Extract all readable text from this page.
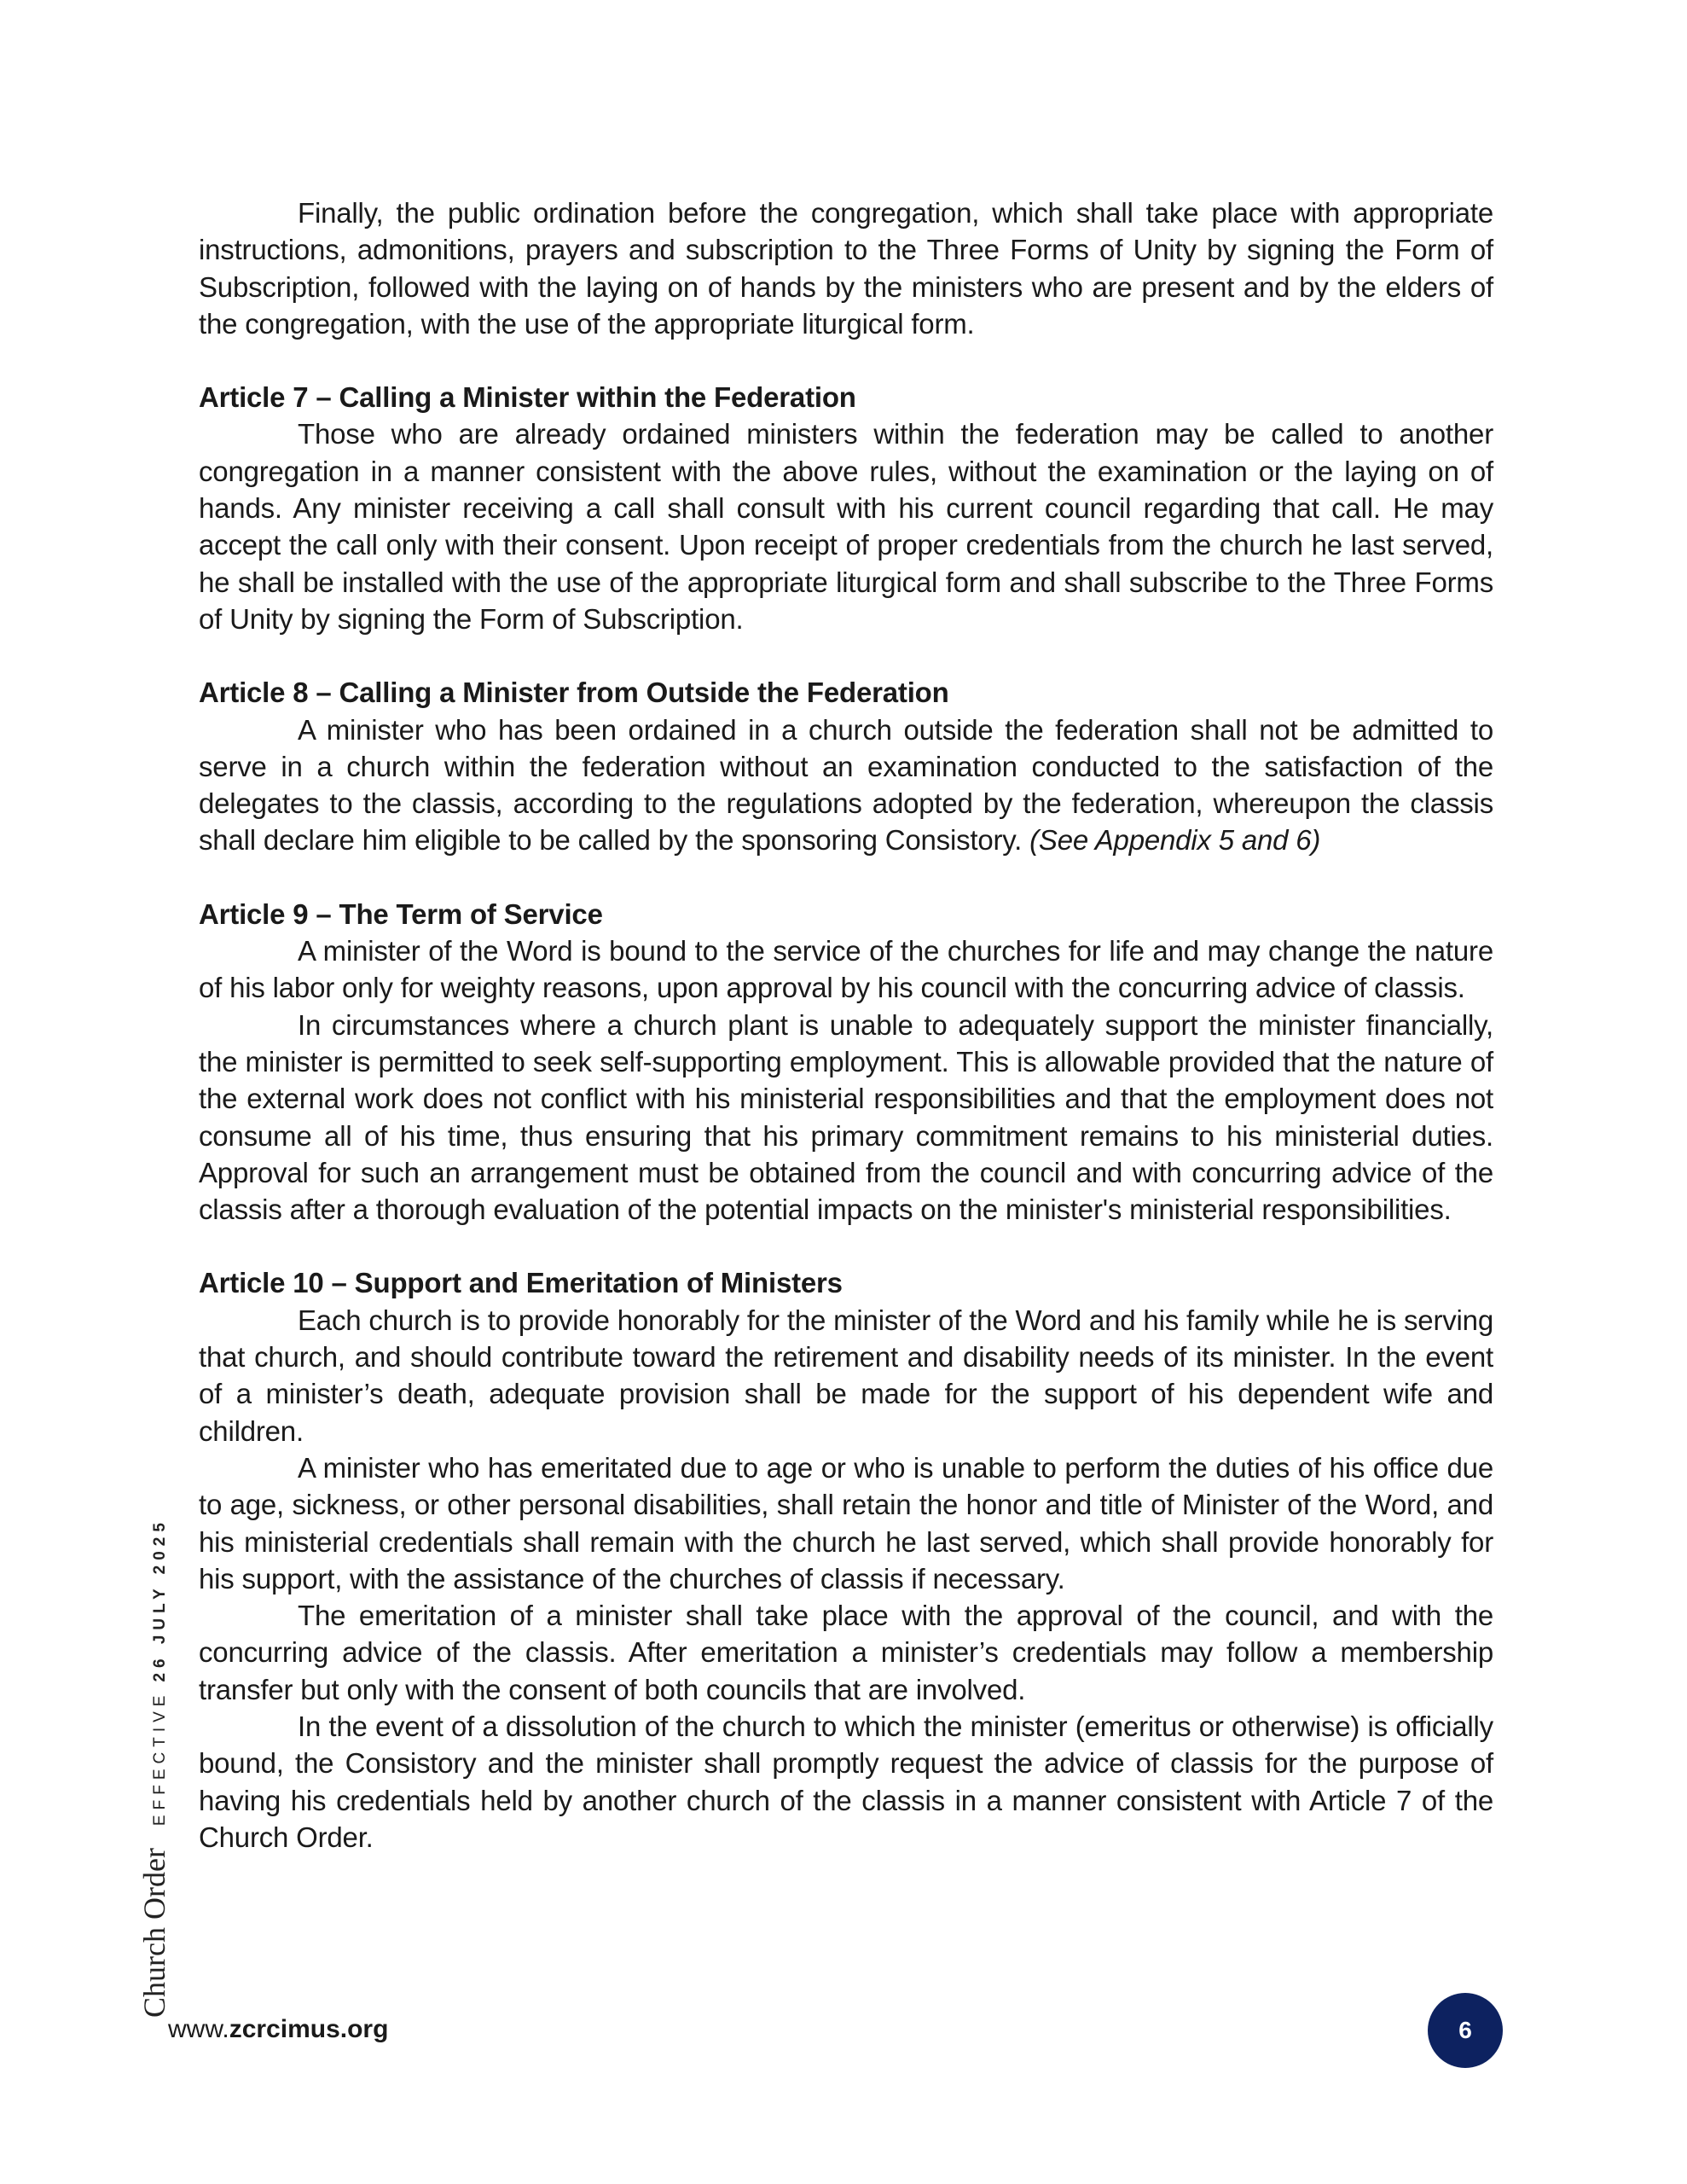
Finally, the public ordination before the congregation, which shall take place with appropriate instructions, admonitions, prayers and subscription to the Three Forms of Unity by signing the Form of Subscription, followed with the laying on of hands by the ministers who are present and by the elders of the congregation, with the use of the appropriate liturgical form.

Article 7 – Calling a Minister within the Federation

Those who are already ordained ministers within the federation may be called to another congregation in a manner consistent with the above rules, without the examination or the laying on of hands. Any minister receiving a call shall consult with his current council regarding that call. He may accept the call only with their consent. Upon receipt of proper credentials from the church he last served, he shall be installed with the use of the appropriate liturgical form and shall subscribe to the Three Forms of Unity by signing the Form of Subscription.

Article 8 – Calling a Minister from Outside the Federation

A minister who has been ordained in a church outside the federation shall not be admitted to serve in a church within the federation without an examination conducted to the satisfaction of the delegates to the classis, according to the regulations adopted by the federation, whereupon the classis shall declare him eligible to be called by the sponsoring Consistory. (See Appendix 5 and 6)

Article 9 – The Term of Service

A minister of the Word is bound to the service of the churches for life and may change the nature of his labor only for weighty reasons, upon approval by his council with the concurring advice of classis.

In circumstances where a church plant is unable to adequately support the minister financially, the minister is permitted to seek self-supporting employment. This is allowable provided that the nature of the external work does not conflict with his ministerial responsibilities and that the employment does not consume all of his time, thus ensuring that his primary commitment remains to his ministerial duties. Approval for such an arrangement must be obtained from the council and with concurring advice of the classis after a thorough evaluation of the potential impacts on the minister's ministerial responsibilities.

Article 10 – Support and Emeritation of Ministers

Each church is to provide honorably for the minister of the Word and his family while he is serving that church, and should contribute toward the retirement and disability needs of its minister. In the event of a minister’s death, adequate provision shall be made for the support of his dependent wife and children.

A minister who has emeritated due to age or who is unable to perform the duties of his office due to age, sickness, or other personal disabilities, shall retain the honor and title of Minister of the Word, and his ministerial credentials shall remain with the church he last served, which shall provide honorably for his support, with the assistance of the churches of classis if necessary.

The emeritation of a minister shall take place with the approval of the council, and with the concurring advice of the classis. After emeritation a minister’s credentials may follow a membership transfer but only with the consent of both councils that are involved.

In the event of a dissolution of the church to which the minister (emeritus or otherwise) is officially bound, the Consistory and the minister shall promptly request the advice of classis for the purpose of having his credentials held by another church of the classis in a manner consistent with Article 7 of the Church Order.

Church Order
EFFECTIVE
26 JULY 2025
www.zcrcimus.org	6
